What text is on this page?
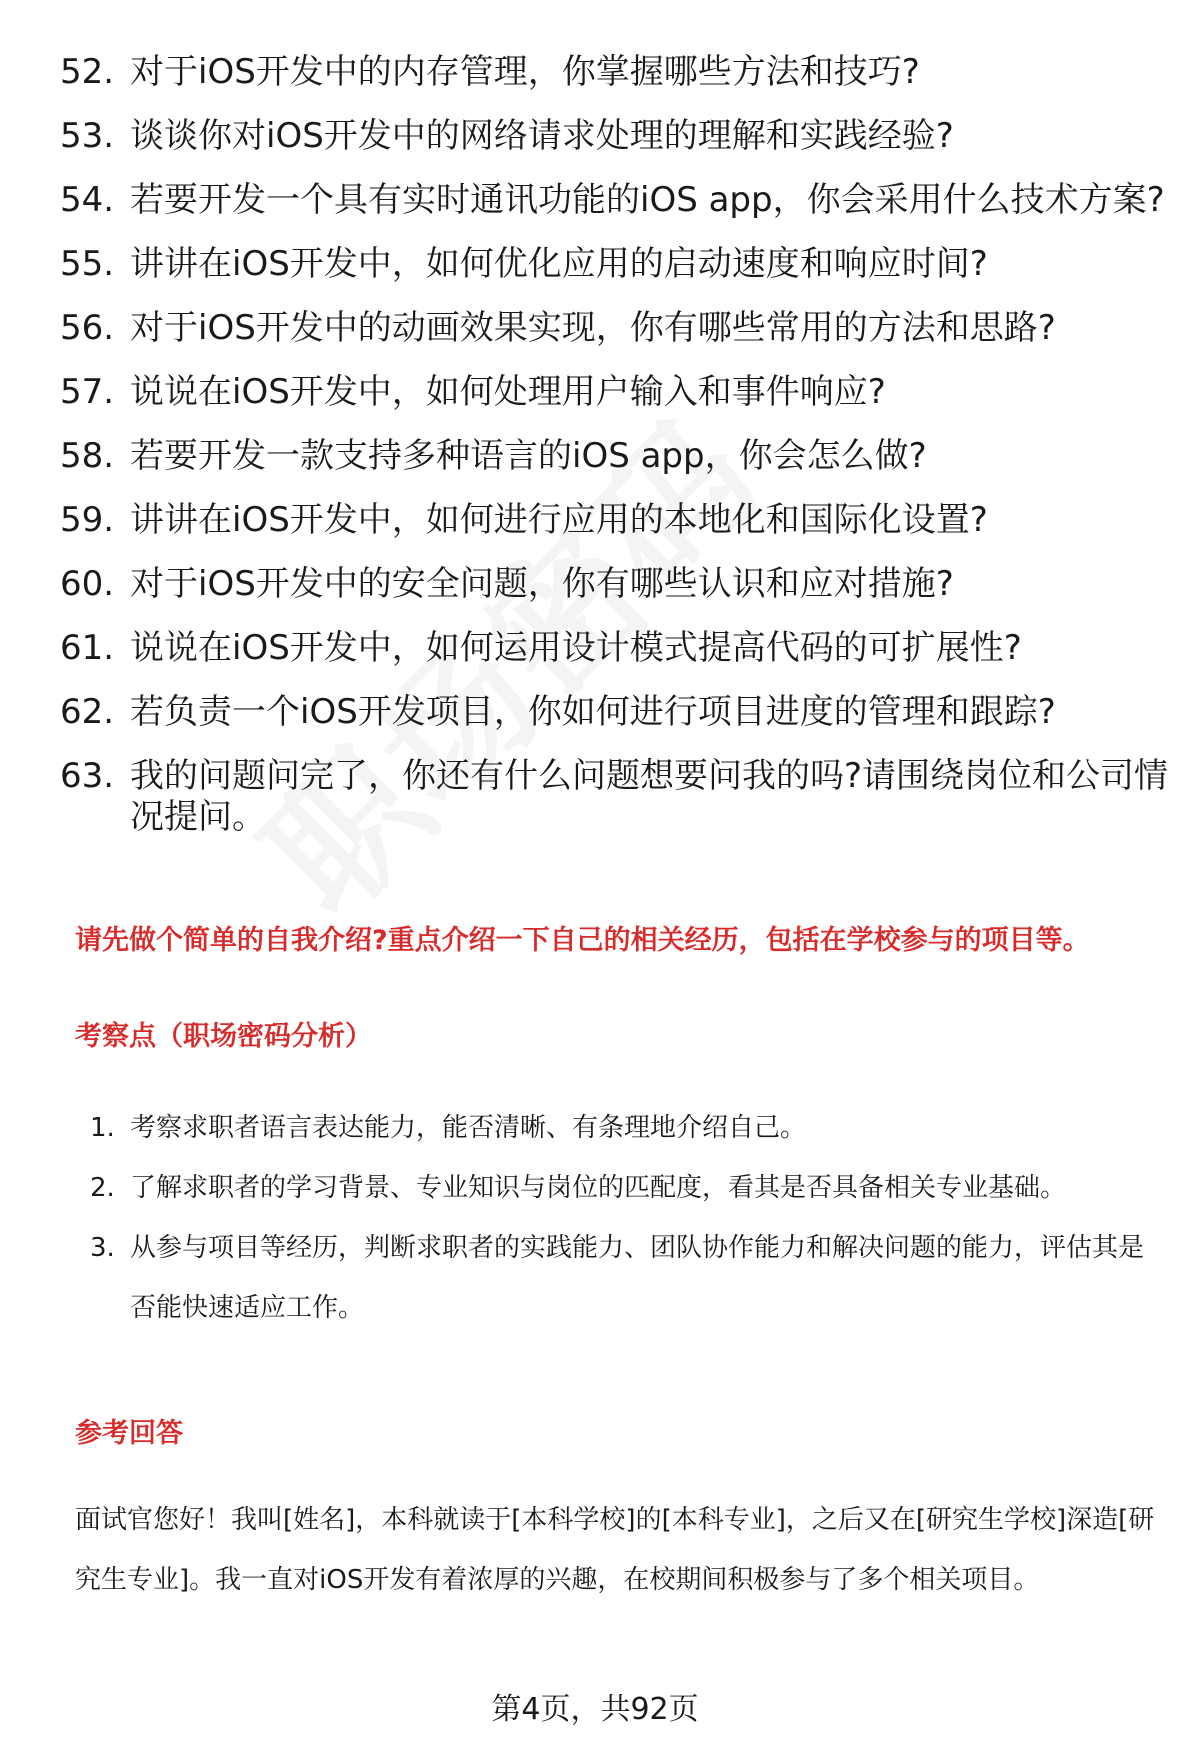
52. 对于iOS开发中的内存管理，你掌握哪些方法和技巧?
53. 谈谈你对iOS开发中的网络请求处理的理解和实践经验?
54. 若要开发一个具有实时通讯功能的iOS app，你会采用什么技术方案?
55. 讲讲在iOS开发中，如何优化应用的启动速度和响应时间?
56. 对于iOS开发中的动画效果实现，你有哪些常用的方法和思路?
57. 说说在iOS开发中，如何处理用户输入和事件响应?
58. 若要开发一款支持多种语言的iOS app，你会怎么做?
59. 讲讲在iOS开发中，如何进行应用的本地化和国际化设置?
60. 对于iOS开发中的安全问题，你有哪些认识和应对措施?
61. 说说在iOS开发中，如何运用设计模式提高代码的可扩展性?
62. 若负责一个iOS开发项目，你如何进行项目进度的管理和跟踪?
63. 我的问题问完了，你还有什么问题想要问我的吗?请围绕岗位和公司情况提问。
请先做个简单的自我介绍?重点介绍一下自己的相关经历，包括在学校参与的项目等。
考察点（职场密码分析）
1. 考察求职者语言表达能力，能否清晰、有条理地介绍自己。
2. 了解求职者的学习背景、专业知识与岗位的匹配度，看其是否具备相关专业基础。
3. 从参与项目等经历，判断求职者的实践能力、团队协作能力和解决问题的能力，评估其是否能快速适应工作。
参考回答
面试官您好！我叫[姓名]，本科就读于[本科学校]的[本科专业]，之后又在[研究生学校]深造[研究生专业]。我一直对iOS开发有着浓厚的兴趣，在校期间积极参与了多个相关项目。
第4页，共92页
